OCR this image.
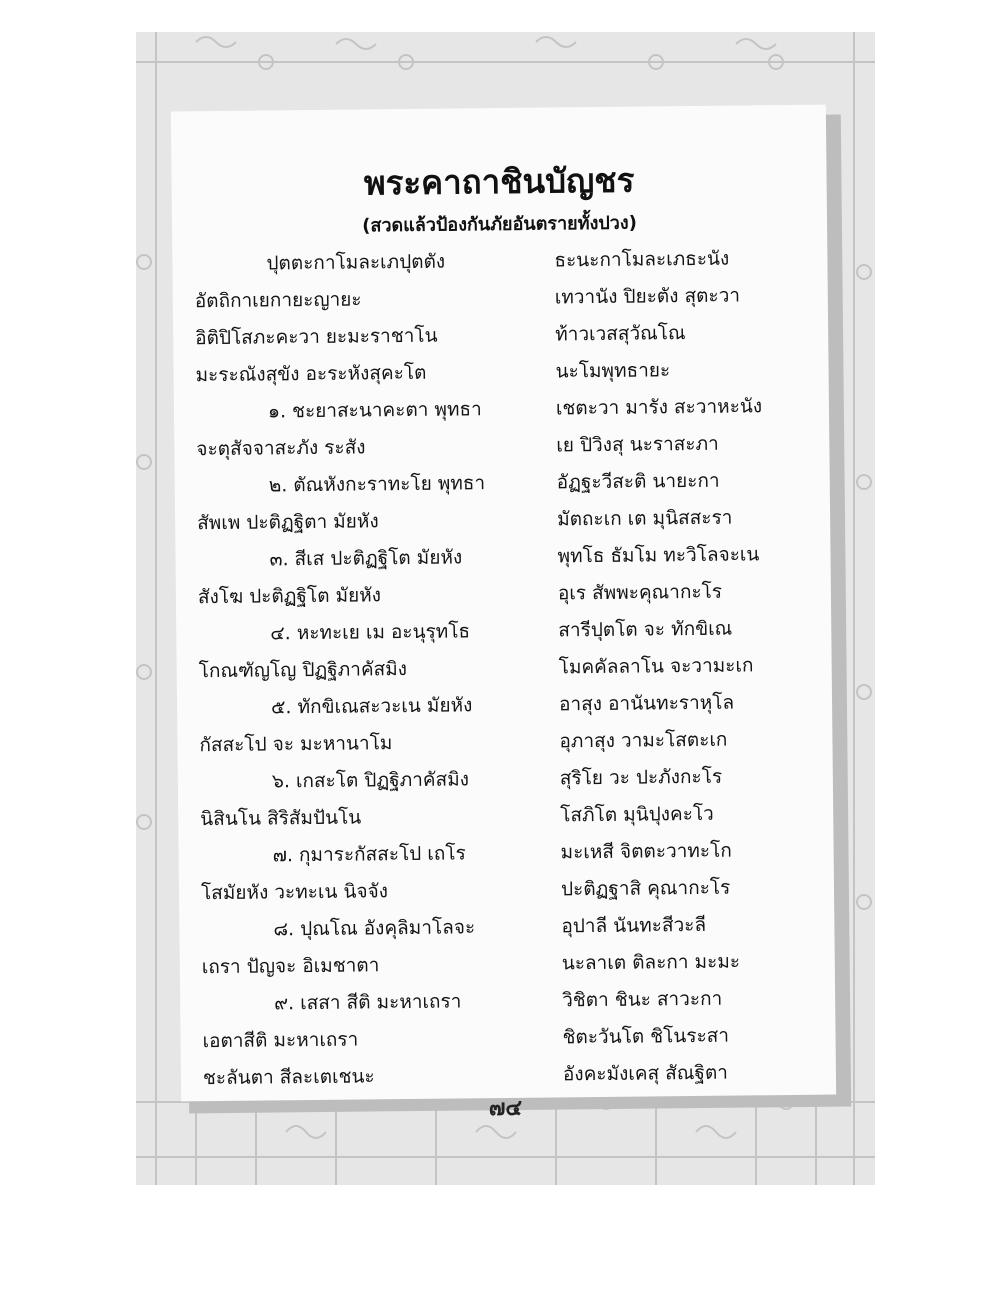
พระคาถาชินบัญชร
(สวดแล้วป้องกันภัยอันตรายทั้งปวง)
ปุตตะกาโมละเภปุตตัง	ธะนะกาโมละเภธะนัง
อัตถิกาเยกายะญายะ	เทวานัง ปิยะตัง สุตะวา
อิติปิโสภะคะวา ยะมะราชาโน	ท้าวเวสสุวัณโณ
มะระณังสุขัง อะระหังสุคะโต	นะโมพุทธายะ
๑. ชะยาสะนาคะตา พุทธา	เชตะวา มารัง สะวาหะนัง
จะตุสัจจาสะภัง ระสัง	เย ปิวิงสุ นะราสะภา
๒. ตัณหังกะราทะโย พุทธา	อัฏฐะวีสะติ นายะกา
สัพเพ ปะติฏฐิตา มัยหัง	มัตถะเก เต มุนิสสะรา
๓. สีเส ปะติฏฐิโต มัยหัง	พุทโธ ธัมโม ทะวิโลจะเน
สังโฆ ปะติฏฐิโต มัยหัง	อุเร สัพพะคุณากะโร
๔. หะทะเย เม อะนุรุทโธ	สารีปุตโต จะ ทักขิเณ
โกณฑัญโญ ปิฏฐิภาคัสมิง	โมคคัลลาโน จะวามะเก
๕. ทักขิเณสะวะเน มัยหัง	อาสุง อานันทะราหุโล
กัสสะโป จะ มะหานาโม	อุภาสุง วามะโสตะเก
๖. เกสะโต ปิฏฐิภาคัสมิง	สุริโย วะ ปะภังกะโร
นิสินโน สิริสัมปันโน	โสภิโต มุนิปุงคะโว
๗. กุมาระกัสสะโป เถโร	มะเหสี จิตตะวาทะโก
โสมัยหัง วะทะเน นิจจัง	ปะติฏฐาสิ คุณากะโร
๘. ปุณโณ อังคุลิมาโลจะ	อุปาลี นันทะสีวะลี
เถรา ปัญจะ อิเมชาตา	นะลาเต ติละกา มะมะ
๙. เสสา สีติ มะหาเถรา	วิชิตา ชินะ สาวะกา
เอตาสีติ มะหาเถรา	ชิตะวันโต ชิโนระสา
ชะลันตา สีละเตเชนะ	อังคะมังเคสุ สัณฐิตา
๗๔
